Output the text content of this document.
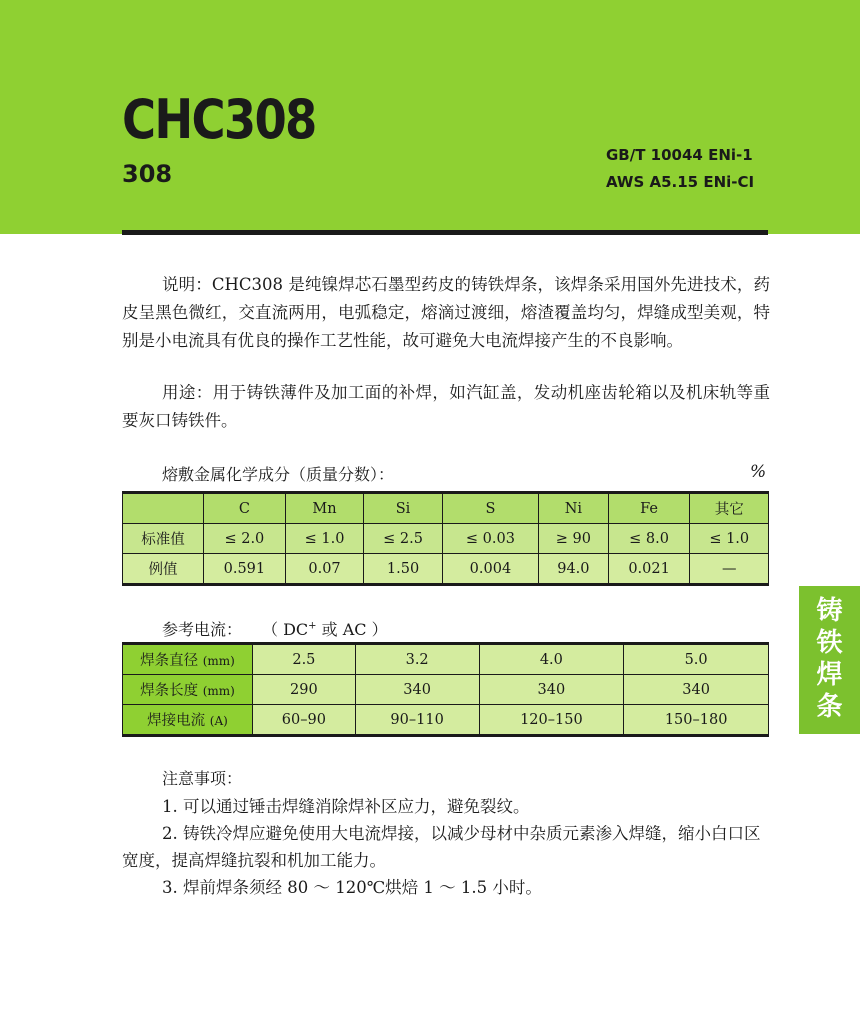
CHC308
308
GB/T 10044 ENi-1
AWS A5.15 ENi-CI
说明：CHC308 是纯镍焊芯石墨型药皮的铸铁焊条，该焊条采用国外先进技术，药皮呈黑色微红，交直流两用，电弧稳定，熔滴过渡细，熔渣覆盖均匀，焊缝成型美观，特别是小电流具有优良的操作工艺性能，故可避免大电流焊接产生的不良影响。
用途：用于铸铁薄件及加工面的补焊，如汽缸盖，发动机座齿轮箱以及机床轨等重要灰口铸铁件。
熔敷金属化学成分（质量分数）：	%
	C	Mn	Si	S	Ni	Fe	其它
标准值	≤ 2.0	≤ 1.0	≤ 2.5	≤ 0.03	≥ 90	≤ 8.0	≤ 1.0
例值	0.591	0.07	1.50	0.004	94.0	0.021	—
参考电流： （ DC+ 或 AC ）
焊条直径 (mm)	2.5	3.2	4.0	5.0
焊条长度 (mm)	290	340	340	340
焊接电流 (A)	60–90	90–110	120–150	150–180
注意事项：
1. 可以通过锤击焊缝消除焊补区应力，避免裂纹。
2. 铸铁冷焊应避免使用大电流焊接，以减少母材中杂质元素渗入焊缝，缩小白口区宽度，提高焊缝抗裂和机加工能力。
3. 焊前焊条须经 80 ～ 120℃烘焙 1 ～ 1.5 小时。
铸
铁
焊
条
